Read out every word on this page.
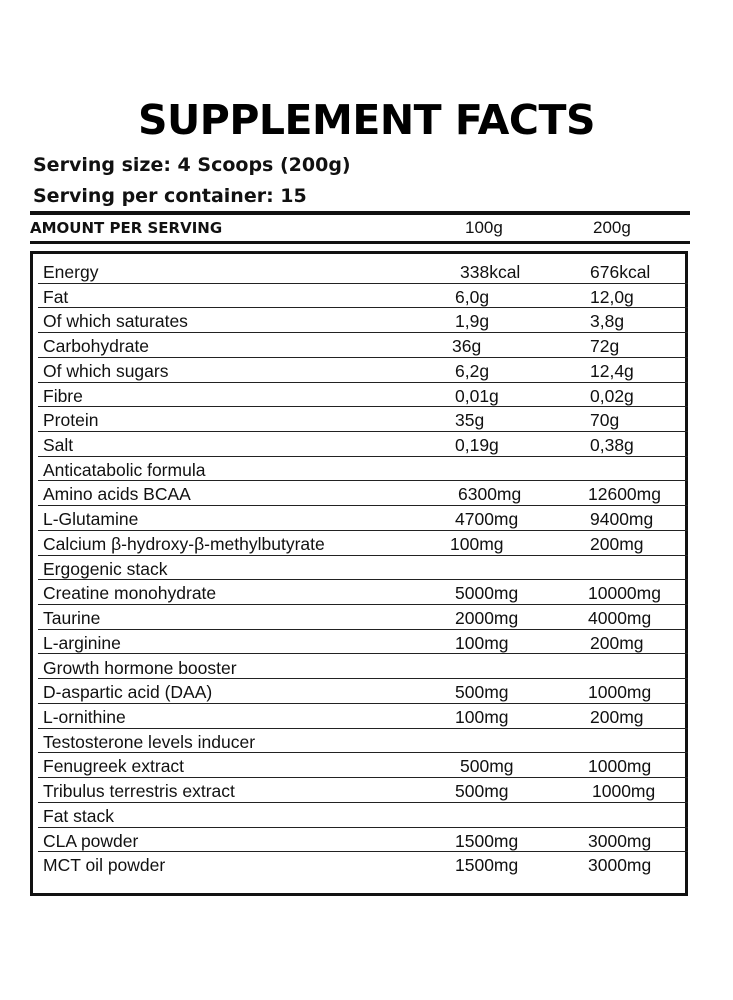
SUPPLEMENT FACTS
Serving size: 4 Scoops (200g)
Serving per container: 15
AMOUNT PER SERVING	100g	200g
Energy	338kcal	676kcal
Fat	6,0g	12,0g
Of which saturates	1,9g	3,8g
Carbohydrate	36g	72g
Of which sugars	6,2g	12,4g
Fibre	0,01g	0,02g
Protein	35g	70g
Salt	0,19g	0,38g
Anticatabolic formula
Amino acids BCAA	6300mg	12600mg
L-Glutamine	4700mg	9400mg
Calcium β-hydroxy-β-methylbutyrate	100mg	200mg
Ergogenic stack
Creatine monohydrate	5000mg	10000mg
Taurine	2000mg	4000mg
L-arginine	100mg	200mg
Growth hormone booster
D-aspartic acid (DAA)	500mg	1000mg
L-ornithine	100mg	200mg
Testosterone levels inducer
Fenugreek extract	500mg	1000mg
Tribulus terrestris extract	500mg	1000mg
Fat stack
CLA powder	1500mg	3000mg
MCT oil powder	1500mg	3000mg
